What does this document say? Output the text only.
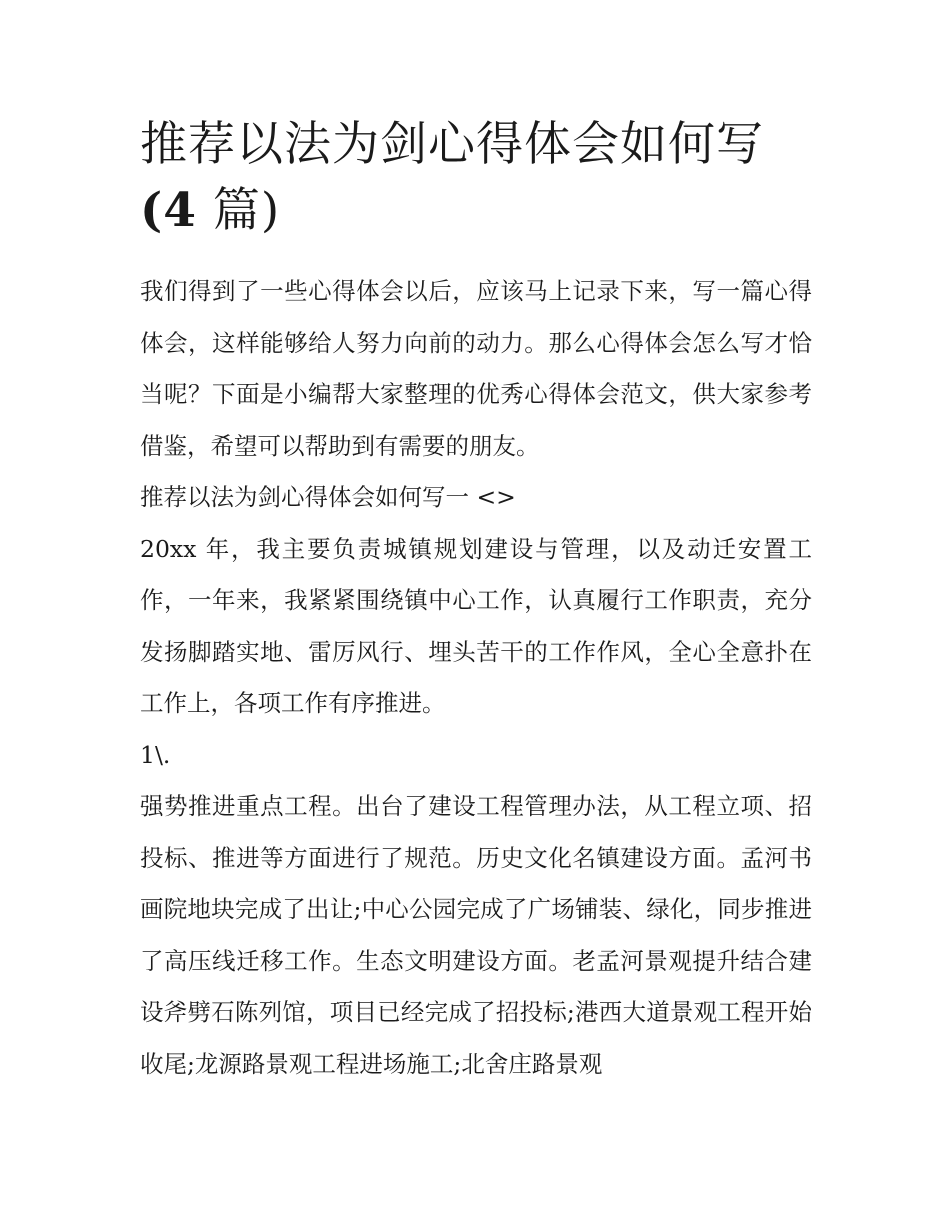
推荐以法为剑心得体会如何写
(4 篇)

我们得到了一些心得体会以后，应该马上记录下来，写一篇心得体会，这样能够给人努力向前的动力。那么心得体会怎么写才恰当呢？下面是小编帮大家整理的优秀心得体会范文，供大家参考借鉴，希望可以帮助到有需要的朋友。

推荐以法为剑心得体会如何写一 <>

20xx 年，我主要负责城镇规划建设与管理，以及动迁安置工作，一年来，我紧紧围绕镇中心工作，认真履行工作职责，充分发扬脚踏实地、雷厉风行、埋头苦干的工作作风，全心全意扑在工作上，各项工作有序推进。

1\.

强势推进重点工程。出台了建设工程管理办法，从工程立项、招投标、推进等方面进行了规范。历史文化名镇建设方面。孟河书画院地块完成了出让;中心公园完成了广场铺装、绿化，同步推进了高压线迁移工作。生态文明建设方面。老孟河景观提升结合建设斧劈石陈列馆，项目已经完成了招投标;港西大道景观工程开始收尾;龙源路景观工程进场施工;北舍庄路景观
